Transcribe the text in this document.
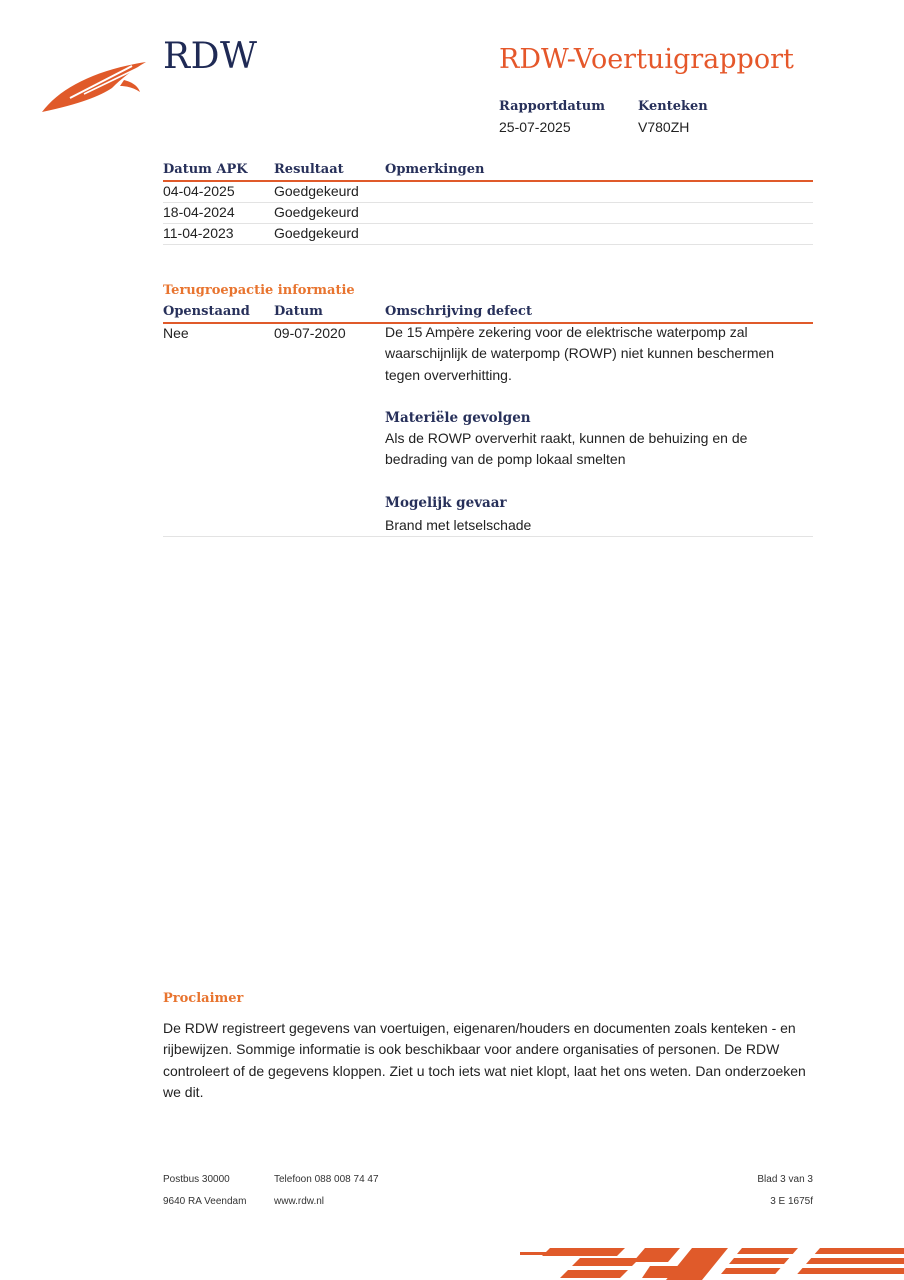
RDW	RDW-Voertuigrapport
Rapportdatum
25-07-2025
Kenteken
V780ZH
Datum APK Resultaat	Opmerkingen
04-04-2025	Goedgekeurd
18-04-2024	Goedgekeurd
11-04-2023	Goedgekeurd
Terugroepactie informatie
Openstaand Datum	Omschrijving defect
Nee	09-07-2020	De 15 Ampère zekering voor de elektrische waterpomp zal
waarschijnlijk de waterpomp (ROWP) niet kunnen beschermen
tegen oververhitting.
Materiële gevolgen
Als de ROWP oververhit raakt, kunnen de behuizing en de
bedrading van de pomp lokaal smelten
Mogelijk gevaar
Brand met letselschade
Proclaimer
De RDW registreert gegevens van voertuigen, eigenaren/houders en documenten zoals kenteken - en
rijbewijzen. Sommige informatie is ook beschikbaar voor andere organisaties of personen. De RDW
controleert of de gegevens kloppen. Ziet u toch iets wat niet klopt, laat het ons weten. Dan onderzoeken
we dit.
Postbus 30000
9640 RA Veendam
Telefoon 088 008 74 47
www.rdw.nl
Blad 3 van 3
3 E 1675f
